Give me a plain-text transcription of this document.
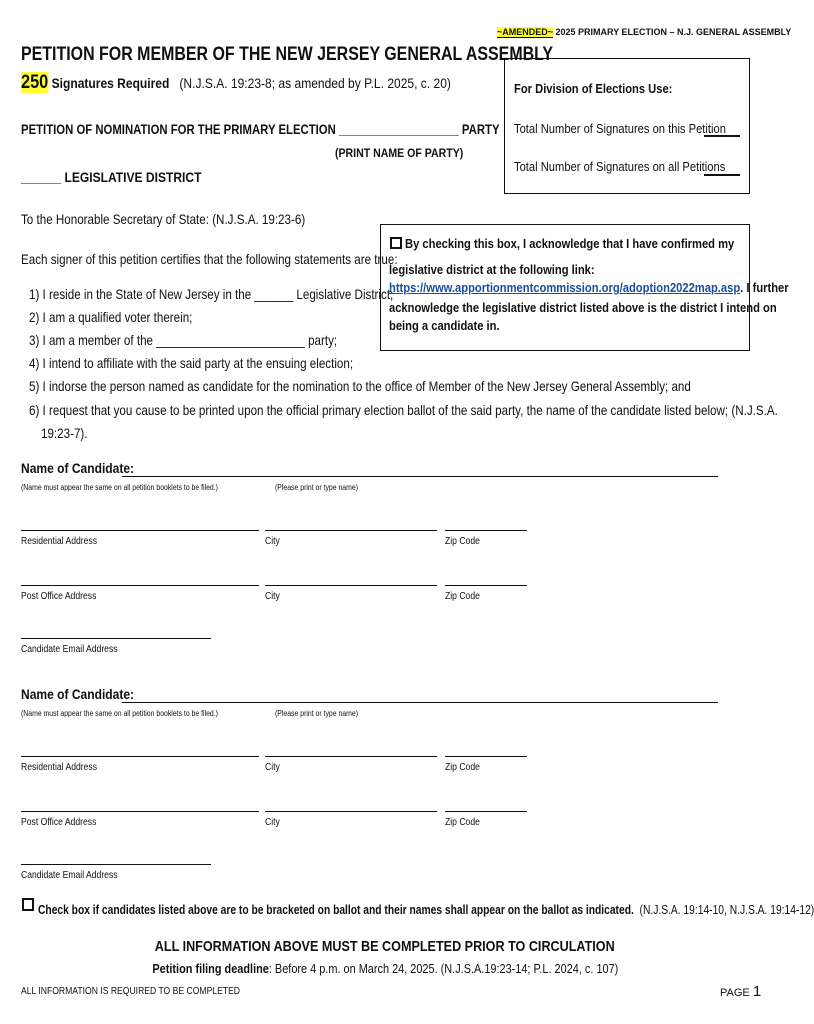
~AMENDED~ 2025 PRIMARY ELECTION – N.J. GENERAL ASSEMBLY
PETITION FOR MEMBER OF THE NEW JERSEY GENERAL ASSEMBLY
250 Signatures Required (N.J.S.A. 19:23-8; as amended by P.L. 2025, c. 20)	For Division of Elections Use:
Total Number of Signatures on this Petition
Total Number of Signatures on all Petitions
PETITION OF NOMINATION FOR THE PRIMARY ELECTION ___________________ PARTY
(PRINT NAME OF PARTY)
______ LEGISLATIVE DISTRICT
To the Honorable Secretary of State: (N.J.S.A. 19:23-6)
Each signer of this petition certifies that the following statements are true:
By checking this box, I acknowledge that I have confirmed my
legislative district at the following link:
https://www.apportionmentcommission.org/adoption2022map.asp. I further
acknowledge the legislative district listed above is the district I intend on
being a candidate in.
1) I reside in the State of New Jersey in the ______ Legislative District;
2) I am a qualified voter therein;
3) I am a member of the _______________________ party;
4) I intend to affiliate with the said party at the ensuing election;
5) I indorse the person named as candidate for the nomination to the office of Member of the New Jersey General Assembly; and
6) I request that you cause to be printed upon the official primary election ballot of the said party, the name of the candidate listed below; (N.J.S.A.
19:23-7).
Name of Candidate:
(Name must appear the same on all petition booklets to be filed.)	(Please print or type name)
Residential Address	City	Zip Code
Post Office Address	City	Zip Code
Candidate Email Address
Name of Candidate:
(Name must appear the same on all petition booklets to be filed.)	(Please print or type name)
Residential Address	City	Zip Code
Post Office Address	City	Zip Code
Candidate Email Address
Check box if candidates listed above are to be bracketed on ballot and their names shall appear on the ballot as indicated. (N.J.S.A. 19:14-10, N.J.S.A. 19:14-12)
ALL INFORMATION ABOVE MUST BE COMPLETED PRIOR TO CIRCULATION
Petition filing deadline: Before 4 p.m. on March 24, 2025. (N.J.S.A.19:23-14; P.L. 2024, c. 107)
ALL INFORMATION IS REQUIRED TO BE COMPLETED	PAGE 1
